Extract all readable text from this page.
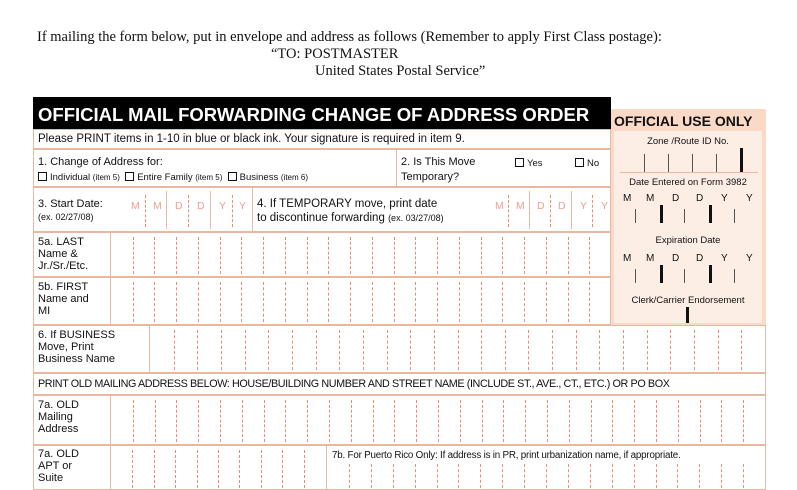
If mailing the form below, put in envelope and address as follows (Remember to apply First Class postage):
“TO: POSTMASTER
United States Postal Service”
OFFICIAL MAIL FORWARDING CHANGE OF ADDRESS ORDER OFFICIAL USE ONLY
Zone /Route ID No.
Date Entered on Form 3982
M M D D Y Y
Expiration Date
M M D D Y Y
Clerk/Carrier Endorsement
Please PRINT items in 1-10 in blue or black ink. Your signature is required in item 9.
1. Change of Address for:
Individual (item 5) Entire Family (item 5) Business (item 6)
2. Is This Move
Temporary?
Yes	No
3. Start Date:
(ex. 02/27/08)
M M D D Y Y 4. If TEMPORARY move, print date
to discontinue forwarding (ex. 03/27/08)
M M D D Y Y
5a. LAST
Name &
Jr./Sr./Etc.
5b. FIRST
Name and
MI
6. If BUSINESS
Move, Print
Business Name
PRINT OLD MAILING ADDRESS BELOW: HOUSE/BUILDING NUMBER AND STREET NAME (INCLUDE ST., AVE., CT., ETC.) OR PO BOX
7a. OLD
Mailing
Address
7a. OLD
APT or
Suite
7b. For Puerto Rico Only: If address is in PR, print urbanization name, if appropriate.
